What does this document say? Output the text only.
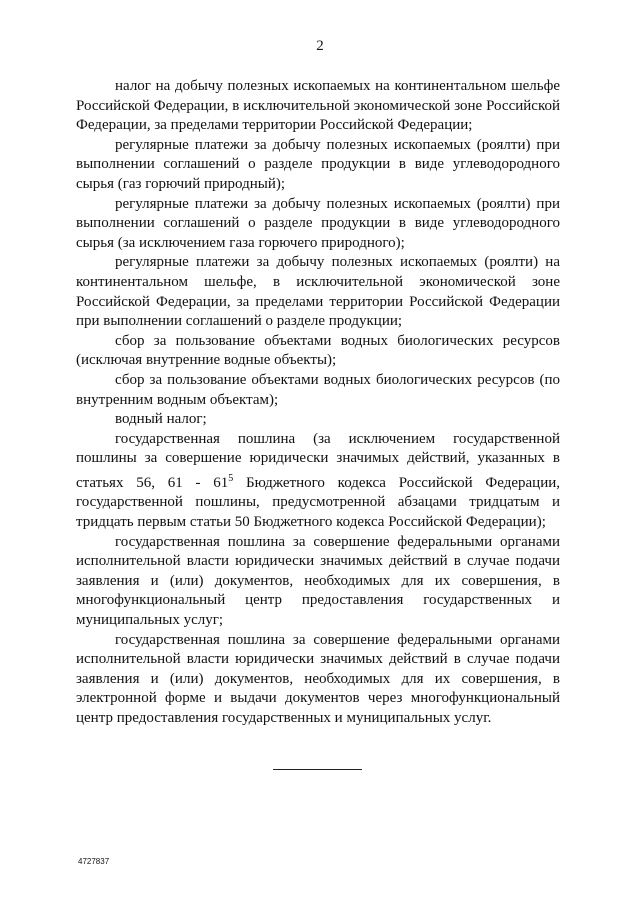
2

налог на добычу полезных ископаемых на континентальном шельфе Российской Федерации, в исключительной экономической зоне Российской Федерации, за пределами территории Российской Федерации;

регулярные платежи за добычу полезных ископаемых (роялти) при выполнении соглашений о разделе продукции в виде углеводородного сырья (газ горючий природный);

регулярные платежи за добычу полезных ископаемых (роялти) при выполнении соглашений о разделе продукции в виде углеводородного сырья (за исключением газа горючего природного);

регулярные платежи за добычу полезных ископаемых (роялти) на континентальном шельфе, в исключительной экономической зоне Российской Федерации, за пределами территории Российской Федерации при выполнении соглашений о разделе продукции;

сбор за пользование объектами водных биологических ресурсов (исключая внутренние водные объекты);

сбор за пользование объектами водных биологических ресурсов (по внутренним водным объектам);

водный налог;

государственная пошлина (за исключением государственной пошлины за совершение юридически значимых действий, указанных в статьях 56, $61 - 61^5$ Бюджетного кодекса Российской Федерации, государственной пошлины, предусмотренной абзацами тридцатым и тридцать первым статьи 50 Бюджетного кодекса Российской Федерации);

государственная пошлина за совершение федеральными органами исполнительной власти юридически значимых действий в случае подачи заявления и (или) документов, необходимых для их совершения, в многофункциональный центр предоставления государственных и муниципальных услуг;

государственная пошлина за совершение федеральными органами исполнительной власти юридически значимых действий в случае подачи заявления и (или) документов, необходимых для их совершения, в электронной форме и выдачи документов через многофункциональный центр предоставления государственных и муниципальных услуг.

4727837
